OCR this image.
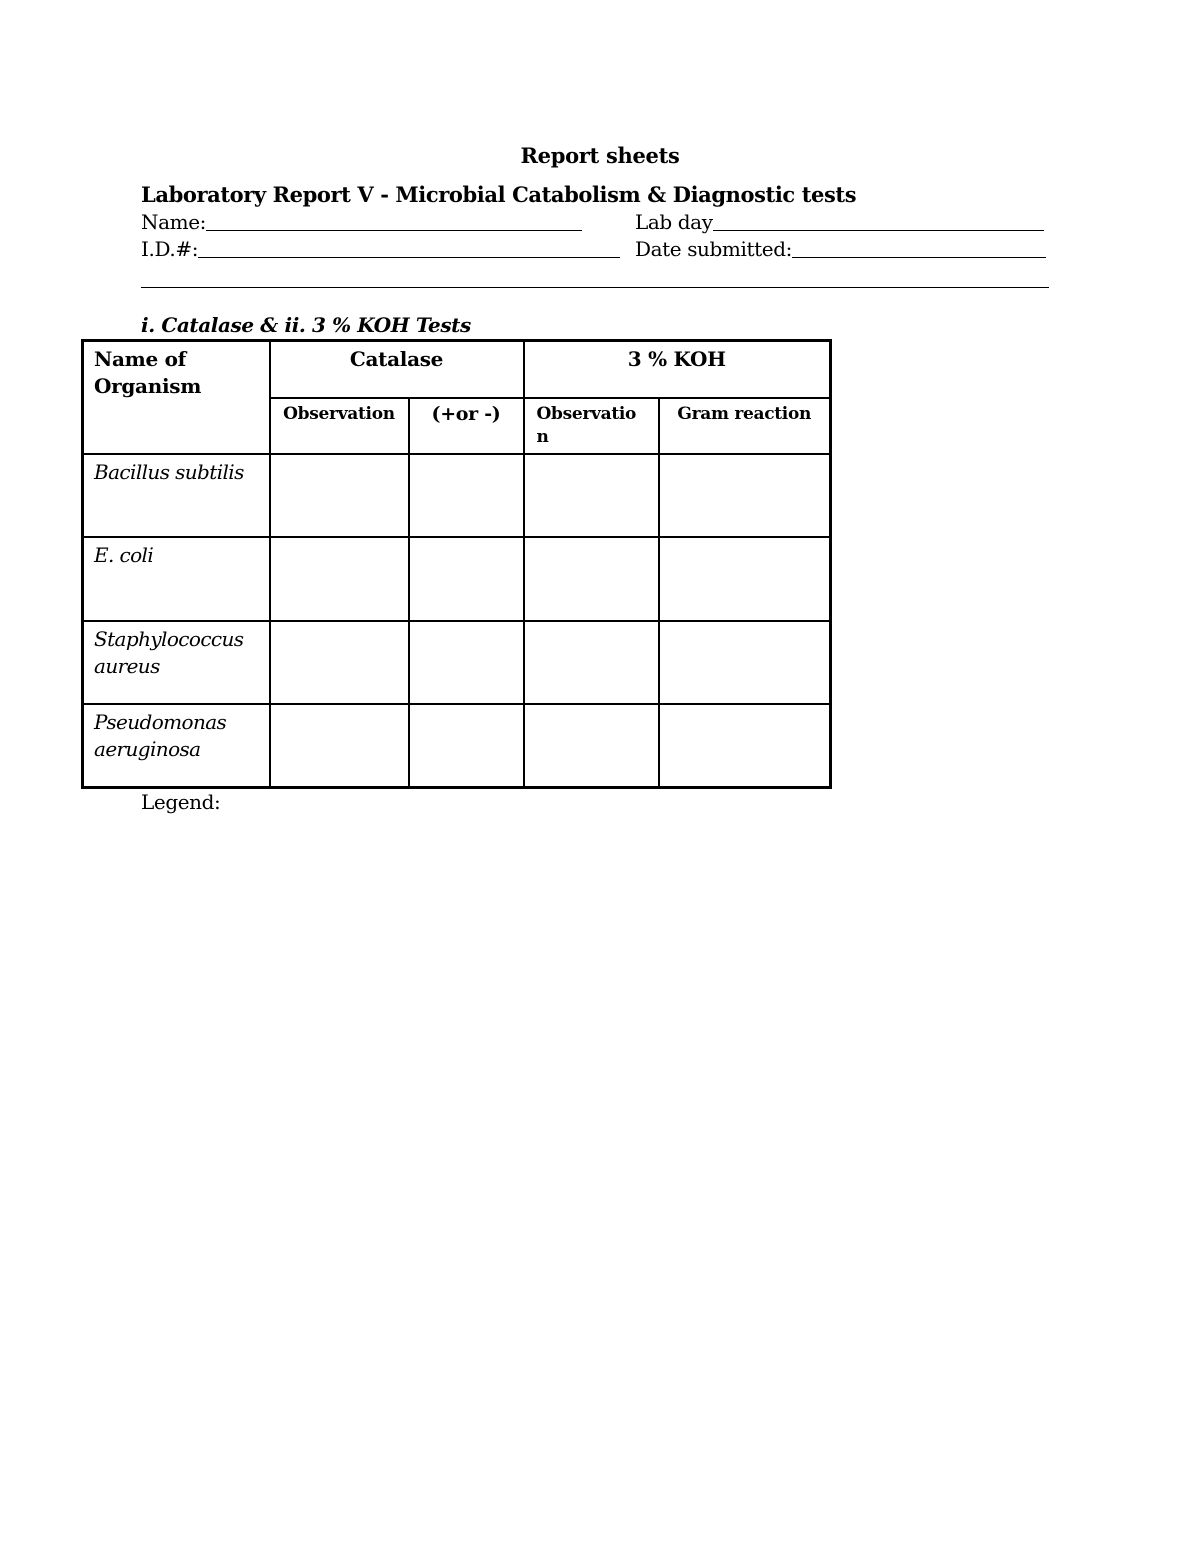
Report sheets
Laboratory Report V - Microbial Catabolism & Diagnostic tests
Name:	Lab day
I.D.#:	Date submitted:
i. Catalase & ii. 3 % KOH Tests
Name of Organism	Catalase		3 % KOH	
	Observation	(+or -)	Observatio n	Gram reaction
Bacillus subtilis				
E. coli				
Staphylococcus aureus				
Pseudomonas aeruginosa				
Legend:
